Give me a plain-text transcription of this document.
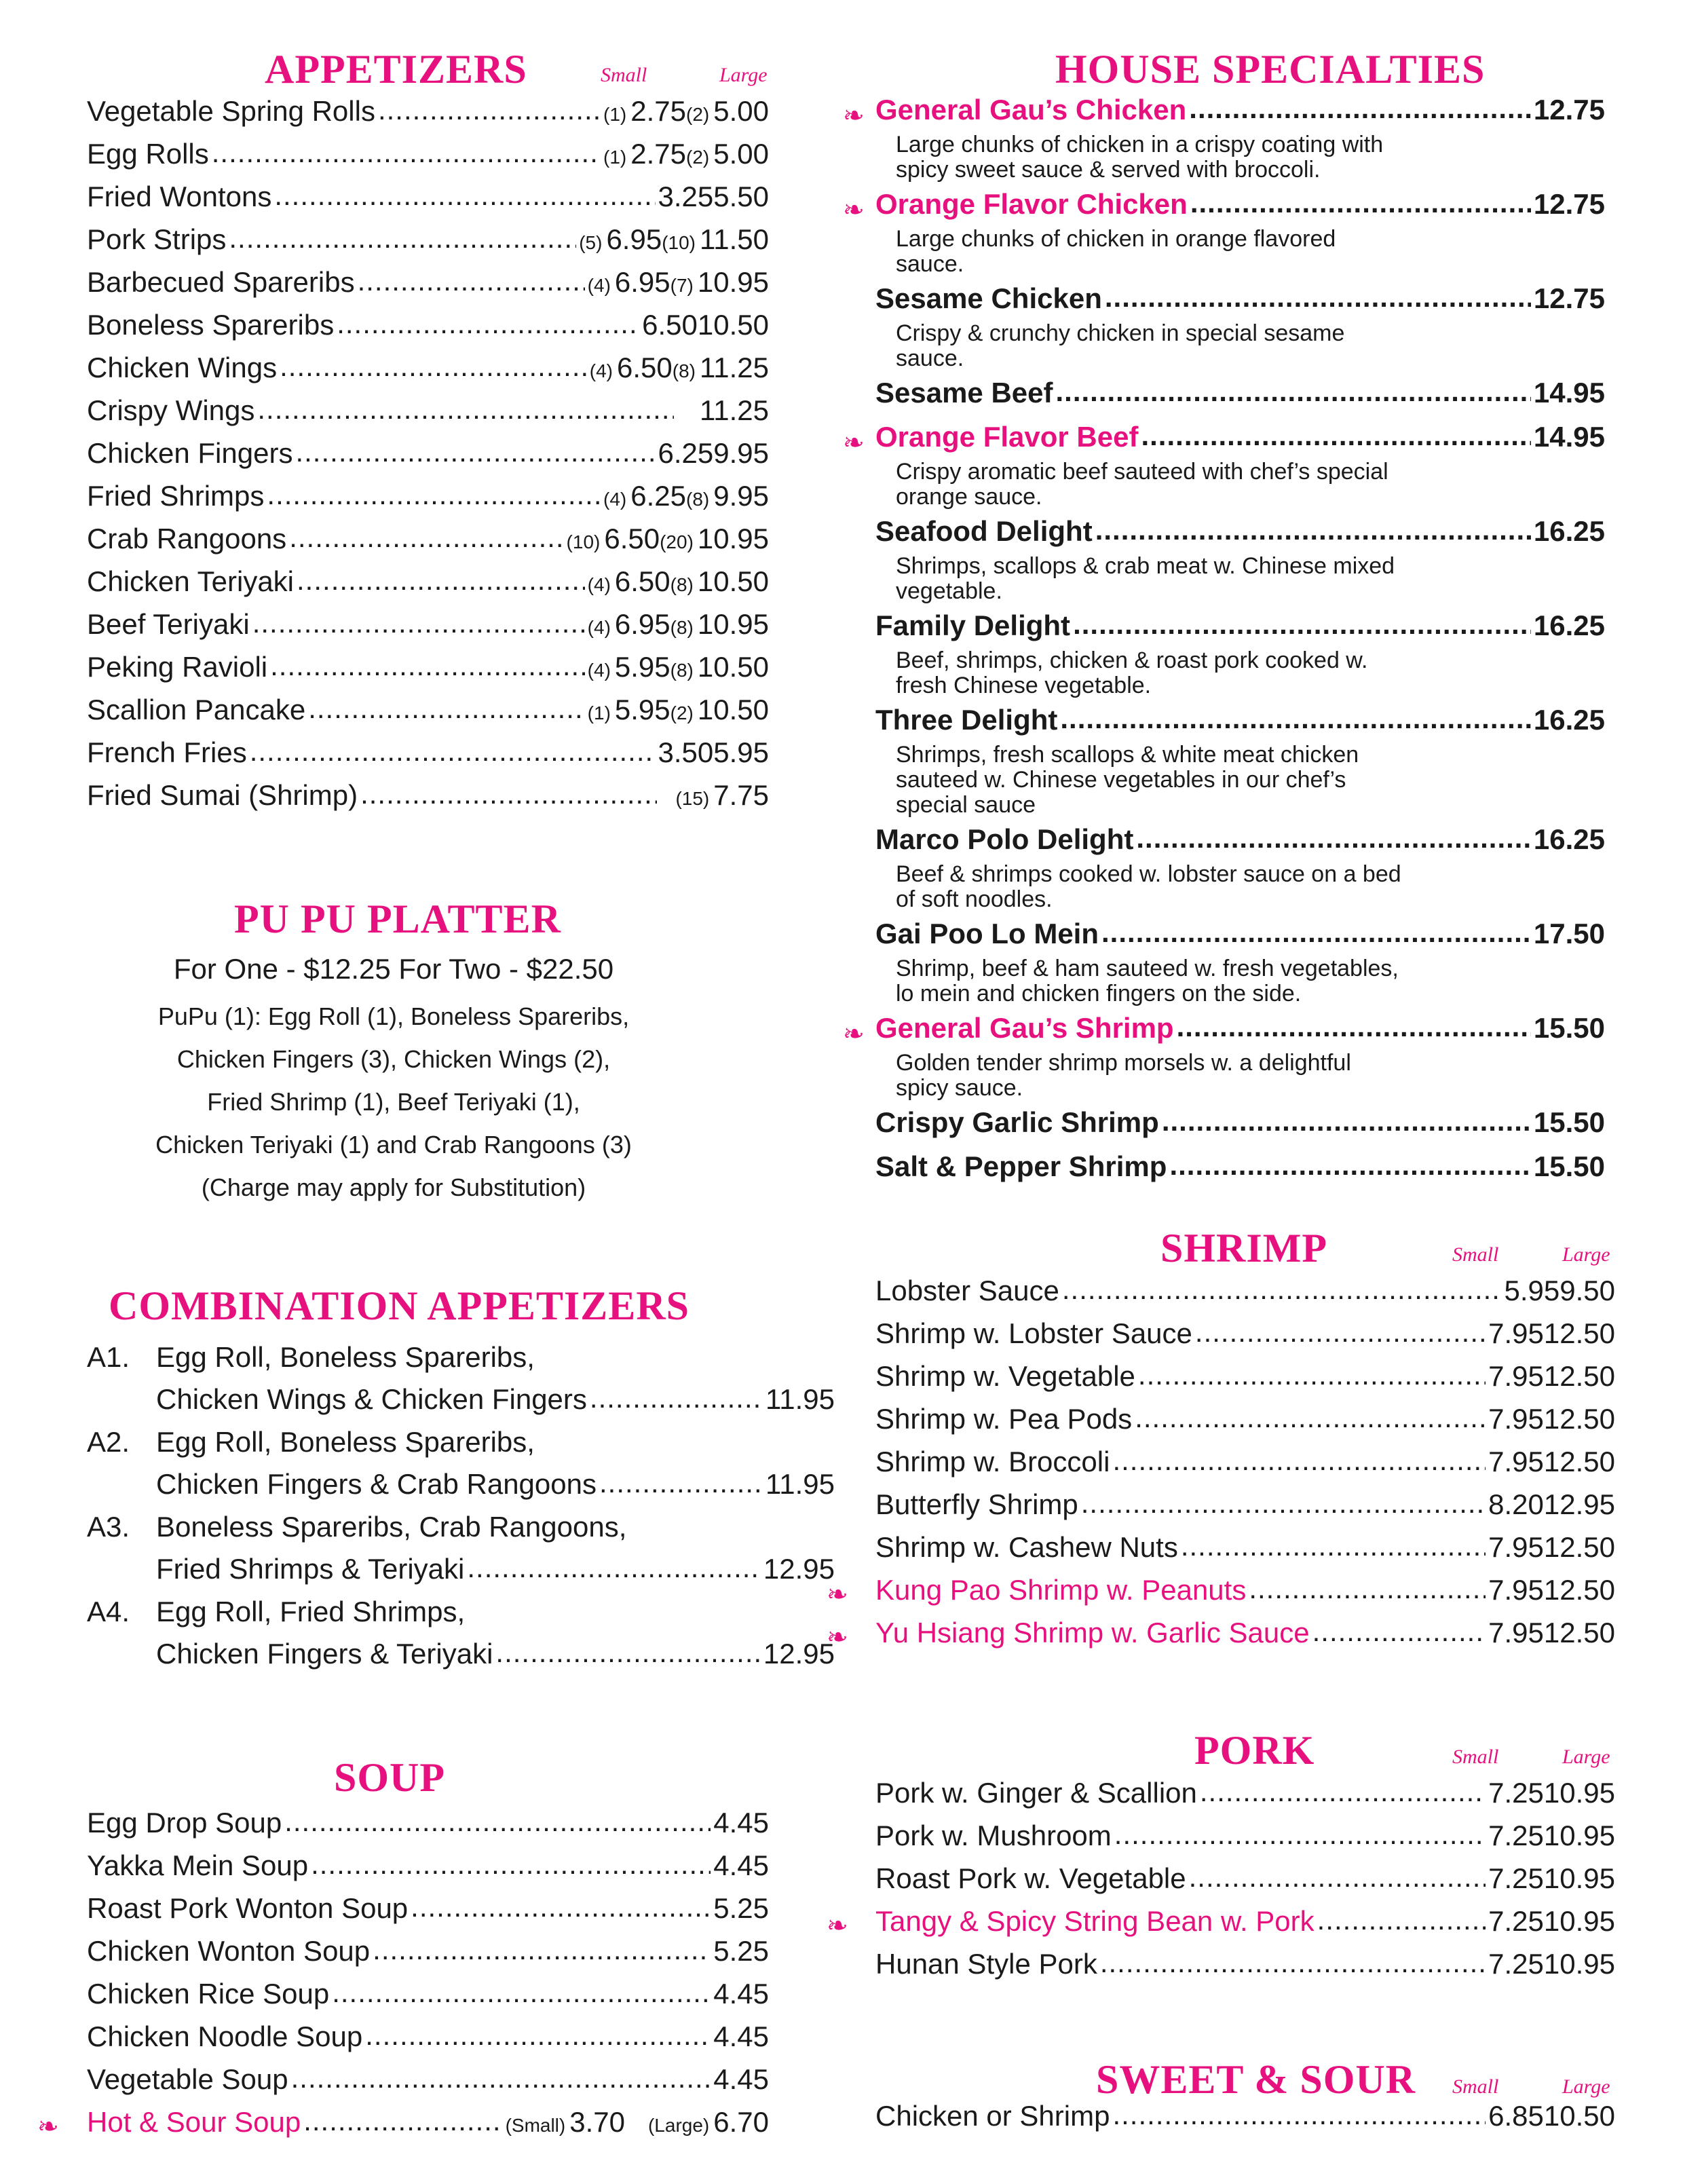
APPETIZERS	Small	Large
Vegetable Spring Rolls .....	(1) 2.75 (2) 5.00
Egg Rolls .....	(1) 2.75 (2) 5.00
Fried Wontons .....	3.25 5.50
Pork Strips .....	(5) 6.95 (10) 11.50
Barbecued Spareribs .....	(4) 6.95 (7) 10.95
Boneless Spareribs .....	6.50 10.50
Chicken Wings .....	(4) 6.50 (8) 11.25
Crispy Wings .....	11.25
Chicken Fingers .....	6.25 9.95
Fried Shrimps .....	(4) 6.25 (8) 9.95
Crab Rangoons .....	(10) 6.50 (20) 10.95
Chicken Teriyaki .....	(4) 6.50 (8) 10.50
Beef Teriyaki .....	(4) 6.95 (8) 10.95
Peking Ravioli .....	(4) 5.95 (8) 10.50
Scallion Pancake .....	(1) 5.95 (2) 10.50
French Fries .....	3.50 5.95
Fried Sumai (Shrimp) .....	(15) 7.75
PU PU PLATTER
For One - $12.25 For Two - $22.50
PuPu (1): Egg Roll (1), Boneless Spareribs,
Chicken Fingers (3), Chicken Wings (2),
Fried Shrimp (1), Beef Teriyaki (1),
Chicken Teriyaki (1) and Crab Rangoons (3)
(Charge may apply for Substitution)
COMBINATION APPETIZERS
A1. Egg Roll, Boneless Spareribs,
Chicken Wings & Chicken Fingers .....	11.95
A2. Egg Roll, Boneless Spareribs,
Chicken Fingers & Crab Rangoons .....	11.95
A3. Boneless Spareribs, Crab Rangoons,
Fried Shrimps & Teriyaki .....	12.95
A4. Egg Roll, Fried Shrimps,
Chicken Fingers & Teriyaki .....	12.95
SOUP
Egg Drop Soup .....	4.45
Yakka Mein Soup .....	4.45
Roast Pork Wonton Soup .....	5.25
Chicken Wonton Soup .....	5.25
Chicken Rice Soup .....	4.45
Chicken Noodle Soup .....	4.45
Vegetable Soup .....	4.45
❧ Hot & Sour Soup .....	(Small) 3.70 (Large) 6.70
HOUSE SPECIALTIES
❧ General Gau’s Chicken .....	12.75
Large chunks of chicken in a crispy coating with
spicy sweet sauce & served with broccoli.
❧ Orange Flavor Chicken .....	12.75
Large chunks of chicken in orange flavored
sauce.
Sesame Chicken .....	12.75
Crispy & crunchy chicken in special sesame
sauce.
Sesame Beef .....	14.95
❧ Orange Flavor Beef .....	14.95
Crispy aromatic beef sauteed with chef’s special
orange sauce.
Seafood Delight .....	16.25
Shrimps, scallops & crab meat w. Chinese mixed
vegetable.
Family Delight .....	16.25
Beef, shrimps, chicken & roast pork cooked w.
fresh Chinese vegetable.
Three Delight .....	16.25
Shrimps, fresh scallops & white meat chicken
sauteed w. Chinese vegetables in our chef’s
special sauce
Marco Polo Delight .....	16.25
Beef & shrimps cooked w. lobster sauce on a bed
of soft noodles.
Gai Poo Lo Mein .....	17.50
Shrimp, beef & ham sauteed w. fresh vegetables,
lo mein and chicken fingers on the side.
❧ General Gau’s Shrimp .....	15.50
Golden tender shrimp morsels w. a delightful
spicy sauce.
Crispy Garlic Shrimp .....	15.50
Salt & Pepper Shrimp .....	15.50
SHRIMP	Small	Large
Lobster Sauce .....	5.95 9.50
Shrimp w. Lobster Sauce .....	7.95 12.50
Shrimp w. Vegetable .....	7.95 12.50
Shrimp w. Pea Pods .....	7.95 12.50
Shrimp w. Broccoli .....	7.95 12.50
Butterfly Shrimp .....	8.20 12.95
Shrimp w. Cashew Nuts .....	7.95 12.50
❧ Kung Pao Shrimp w. Peanuts .....	7.95 12.50
❧ Yu Hsiang Shrimp w. Garlic Sauce .....	7.95 12.50
PORK	Small	Large
Pork w. Ginger & Scallion .....	7.25 10.95
Pork w. Mushroom .....	7.25 10.95
Roast Pork w. Vegetable .....	7.25 10.95
❧ Tangy & Spicy String Bean w. Pork .....	7.25 10.95
Hunan Style Pork .....	7.25 10.95
SWEET & SOUR Small	Large
Chicken or Shrimp .....	6.85 10.50
